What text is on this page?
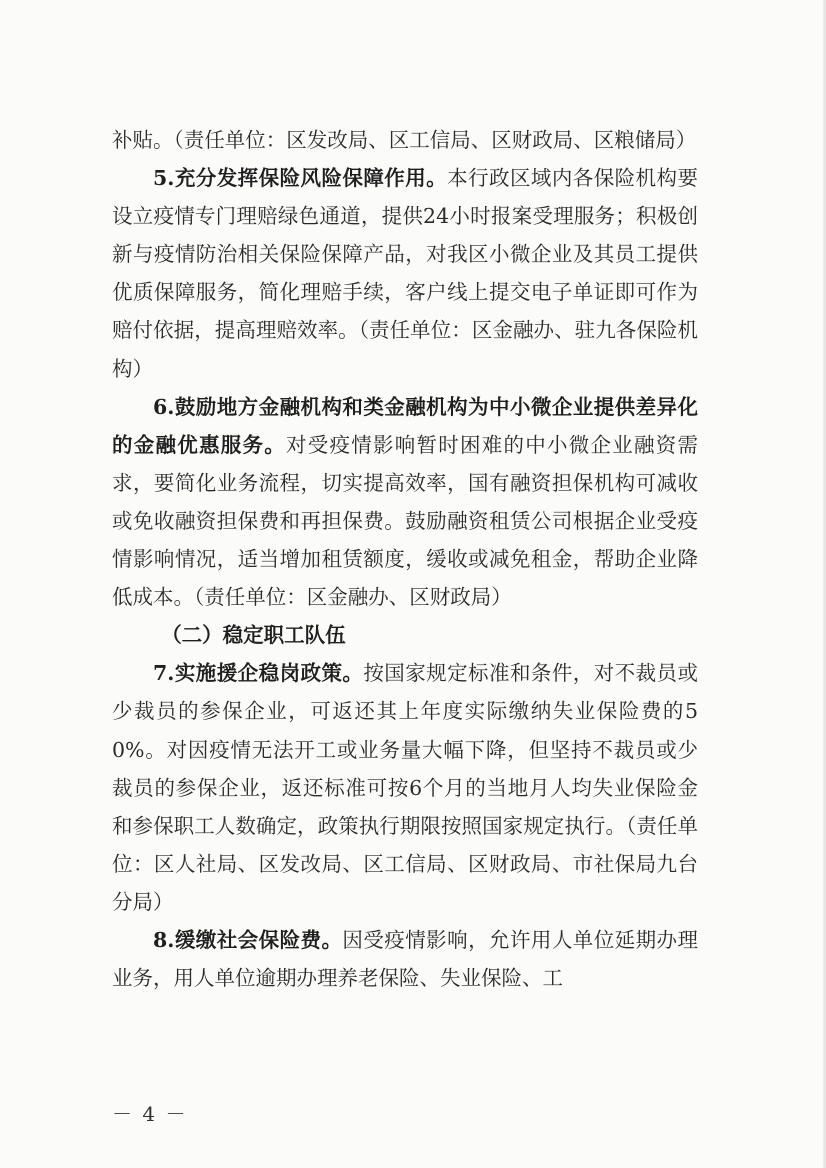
补贴。（责任单位：区发改局、区工信局、区财政局、区粮储局）

5.充分发挥保险风险保障作用。本行政区域内各保险机构要设立疫情专门理赔绿色通道，提供24小时报案受理服务；积极创新与疫情防治相关保险保障产品，对我区小微企业及其员工提供优质保障服务，简化理赔手续，客户线上提交电子单证即可作为赔付依据，提高理赔效率。（责任单位：区金融办、驻九各保险机构）

6.鼓励地方金融机构和类金融机构为中小微企业提供差异化的金融优惠服务。对受疫情影响暂时困难的中小微企业融资需求，要简化业务流程，切实提高效率，国有融资担保机构可减收或免收融资担保费和再担保费。鼓励融资租赁公司根据企业受疫情影响情况，适当增加租赁额度，缓收或减免租金，帮助企业降低成本。（责任单位：区金融办、区财政局）

（二）稳定职工队伍

7.实施援企稳岗政策。按国家规定标准和条件，对不裁员或少裁员的参保企业，可返还其上年度实际缴纳失业保险费的50%。对因疫情无法开工或业务量大幅下降，但坚持不裁员或少裁员的参保企业，返还标准可按6个月的当地月人均失业保险金和参保职工人数确定，政策执行期限按照国家规定执行。（责任单位：区人社局、区发改局、区工信局、区财政局、市社保局九台分局）

8.缓缴社会保险费。因受疫情影响，允许用人单位延期办理业务，用人单位逾期办理养老保险、失业保险、工

－ 4 －
